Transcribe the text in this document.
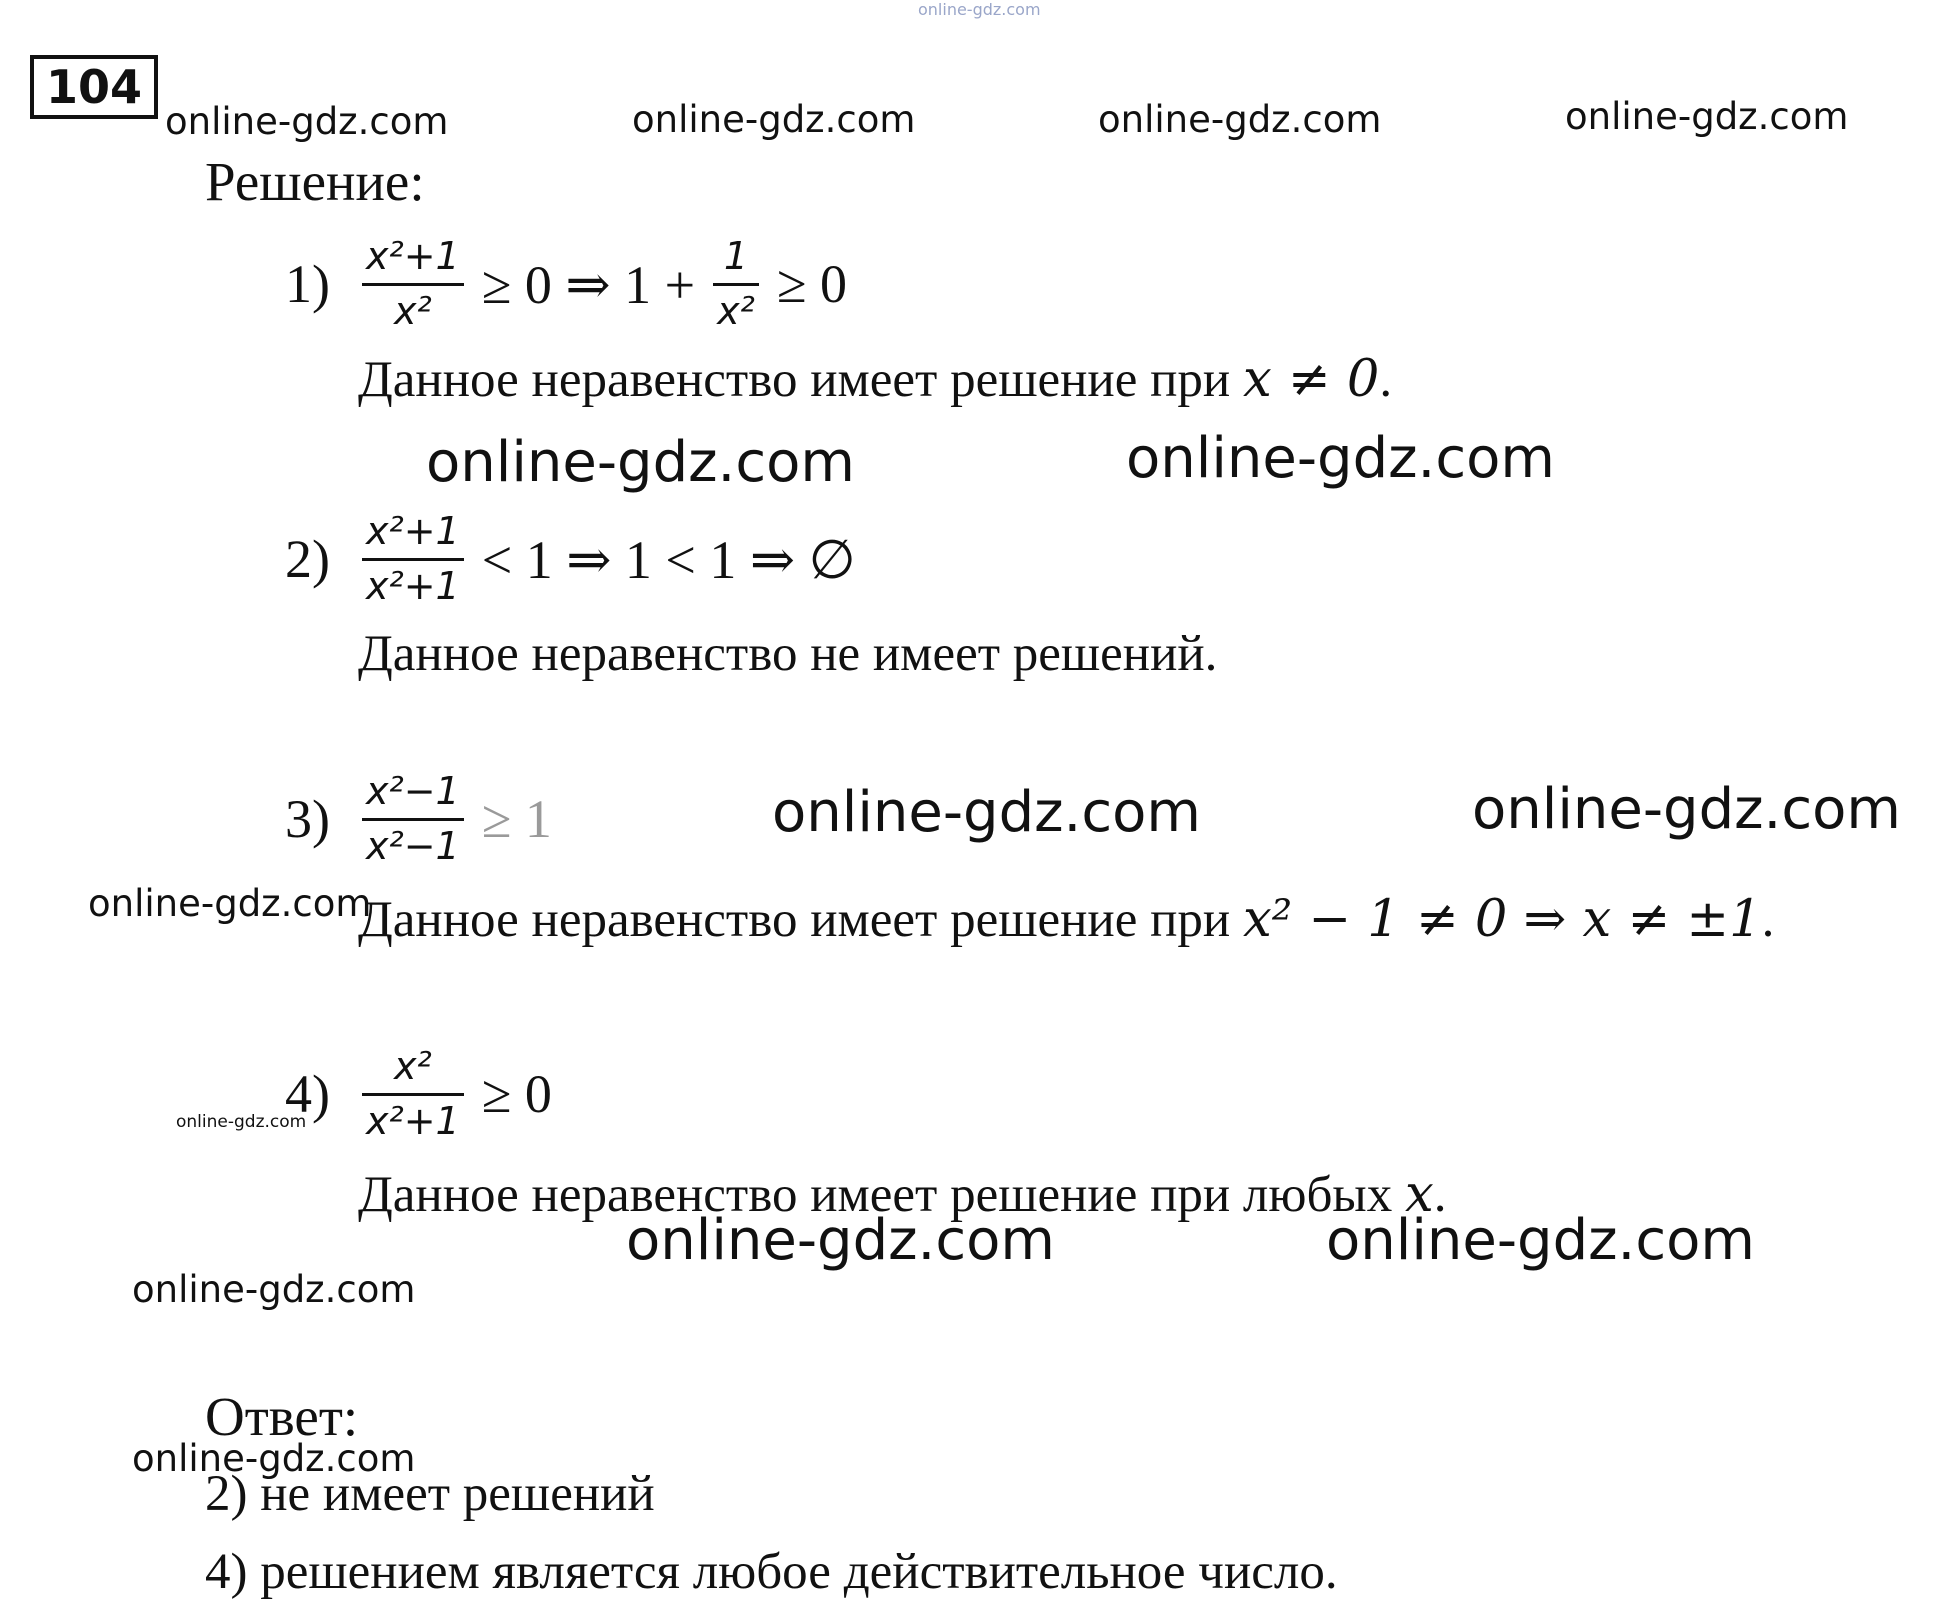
online-gdz.com
online-gdz.com	online-gdz.com	online-gdz.com	online-gdz.com
online-gdz.com	online-gdz.com
online-gdz.com	online-gdz.com
online-gdz.com
online-gdz.com
online-gdz.com	online-gdz.com
online-gdz.com
online-gdz.com
104
Решение:
$1) \frac{\text{x²+1}}{\text{x²}} \ge 0$ ⇒ $1 + \frac{1}{\text{x²}} \ge 0$
Данное неравенство имеет решение при x ≠ 0.
$2) \frac{\text{x²+1}}{\text{x²+1}} < 1$ ⇒ 1 < 1 ⇒ ∅
Данное неравенство не имеет решений.
$3) \frac{\text{x²−1}}{\text{x²−1}} \ge 1$
Данное неравенство имеет решение при x² − 1 ≠ 0 ⇒ x ≠ ±1.
$4) \frac{\text{x²}}{\text{x²+1}} \ge 0$
Данное неравенство имеет решение при любых x.
Ответ:
2) не имеет решений
4) решением является любое действительное число.
